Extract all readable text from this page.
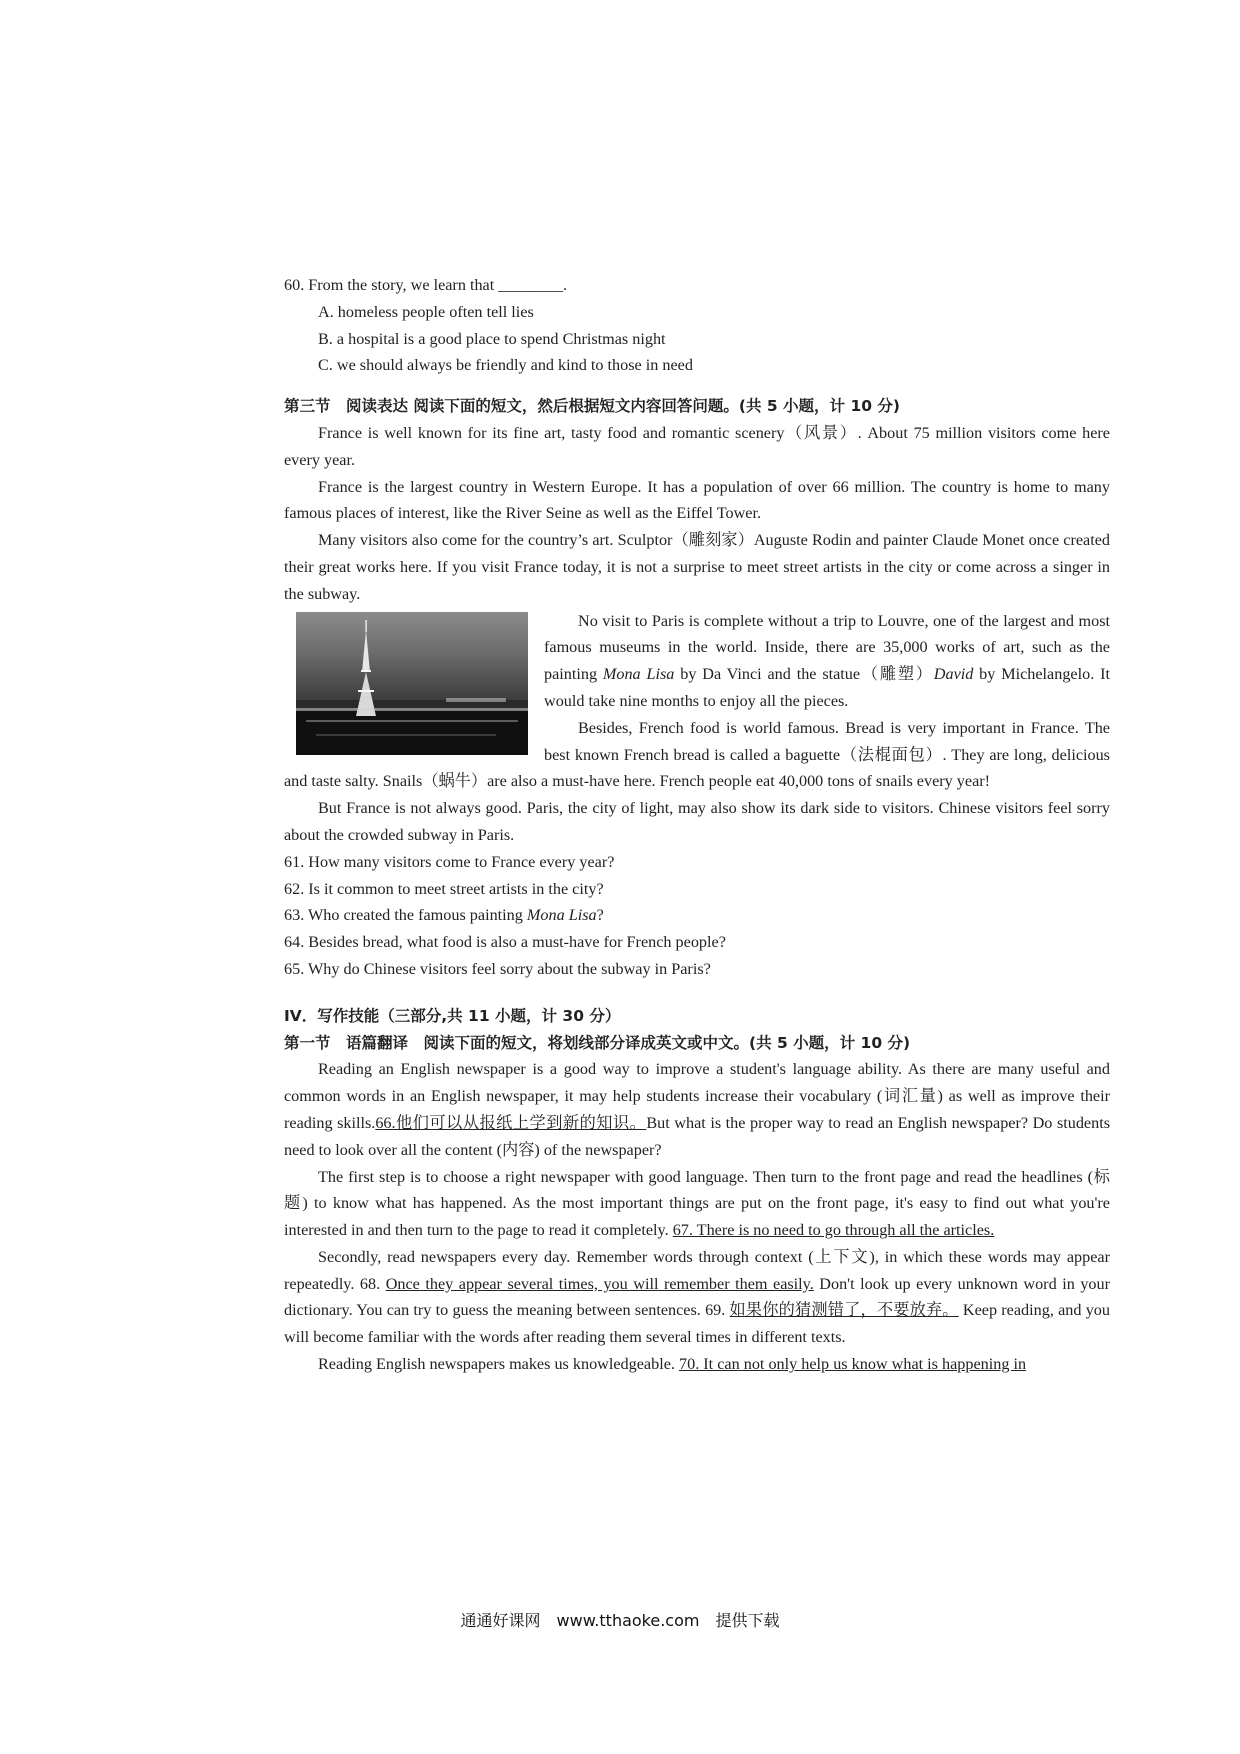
60. From the story, we learn that ________.
A. homeless people often tell lies
B. a hospital is a good place to spend Christmas night
C. we should always be friendly and kind to those in need
第三节　阅读表达 阅读下面的短文，然后根据短文内容回答问题。(共 5 小题，计 10 分)
France is well known for its fine art, tasty food and romantic scenery（风景）. About 75 million visitors come here every year.
France is the largest country in Western Europe. It has a population of over 66 million. The country is home to many famous places of interest, like the River Seine as well as the Eiffel Tower.
Many visitors also come for the country’s art. Sculptor（雕刻家）Auguste Rodin and painter Claude Monet once created their great works here. If you visit France today, it is not a surprise to meet street artists in the city or come across a singer in the subway.
No visit to Paris is complete without a trip to Louvre, one of the largest and most famous museums in the world. Inside, there are 35,000 works of art, such as the painting Mona Lisa by Da Vinci and the statue（雕塑）David by Michelangelo. It would take nine months to enjoy all the pieces.
Besides, French food is world famous. Bread is very important in France. The best known French bread is called a baguette（法棍面包）. They are long, delicious and taste salty. Snails（蜗牛）are also a must-have here. French people eat 40,000 tons of snails every year!
But France is not always good. Paris, the city of light, may also show its dark side to visitors. Chinese visitors feel sorry about the crowded subway in Paris.
61. How many visitors come to France every year?
62. Is it common to meet street artists in the city?
63. Who created the famous painting Mona Lisa?
64. Besides bread, what food is also a must-have for French people?
65. Why do Chinese visitors feel sorry about the subway in Paris?
IV．写作技能（三部分,共 11 小题，计 30 分）
第一节　语篇翻译　阅读下面的短文，将划线部分译成英文或中文。(共 5 小题，计 10 分)
Reading an English newspaper is a good way to improve a student's language ability. As there are many useful and common words in an English newspaper, it may help students increase their vocabulary (词汇量) as well as improve their reading skills.66.他们可以从报纸上学到新的知识。But what is the proper way to read an English newspaper? Do students need to look over all the content (内容) of the newspaper?
The first step is to choose a right newspaper with good language. Then turn to the front page and read the headlines (标题) to know what has happened. As the most important things are put on the front page, it's easy to find out what you're interested in and then turn to the page to read it completely. 67. There is no need to go through all the articles.
Secondly, read newspapers every day. Remember words through context (上下文), in which these words may appear repeatedly. 68. Once they appear several times, you will remember them easily. Don't look up every unknown word in your dictionary. You can try to guess the meaning between sentences. 69. 如果你的猜测错了，不要放弃。 Keep reading, and you will become familiar with the words after reading them several times in different texts.
Reading English newspapers makes us knowledgeable. 70. It can not only help us know what is happening in
通通好课网　www.tthaoke.com　提供下载
